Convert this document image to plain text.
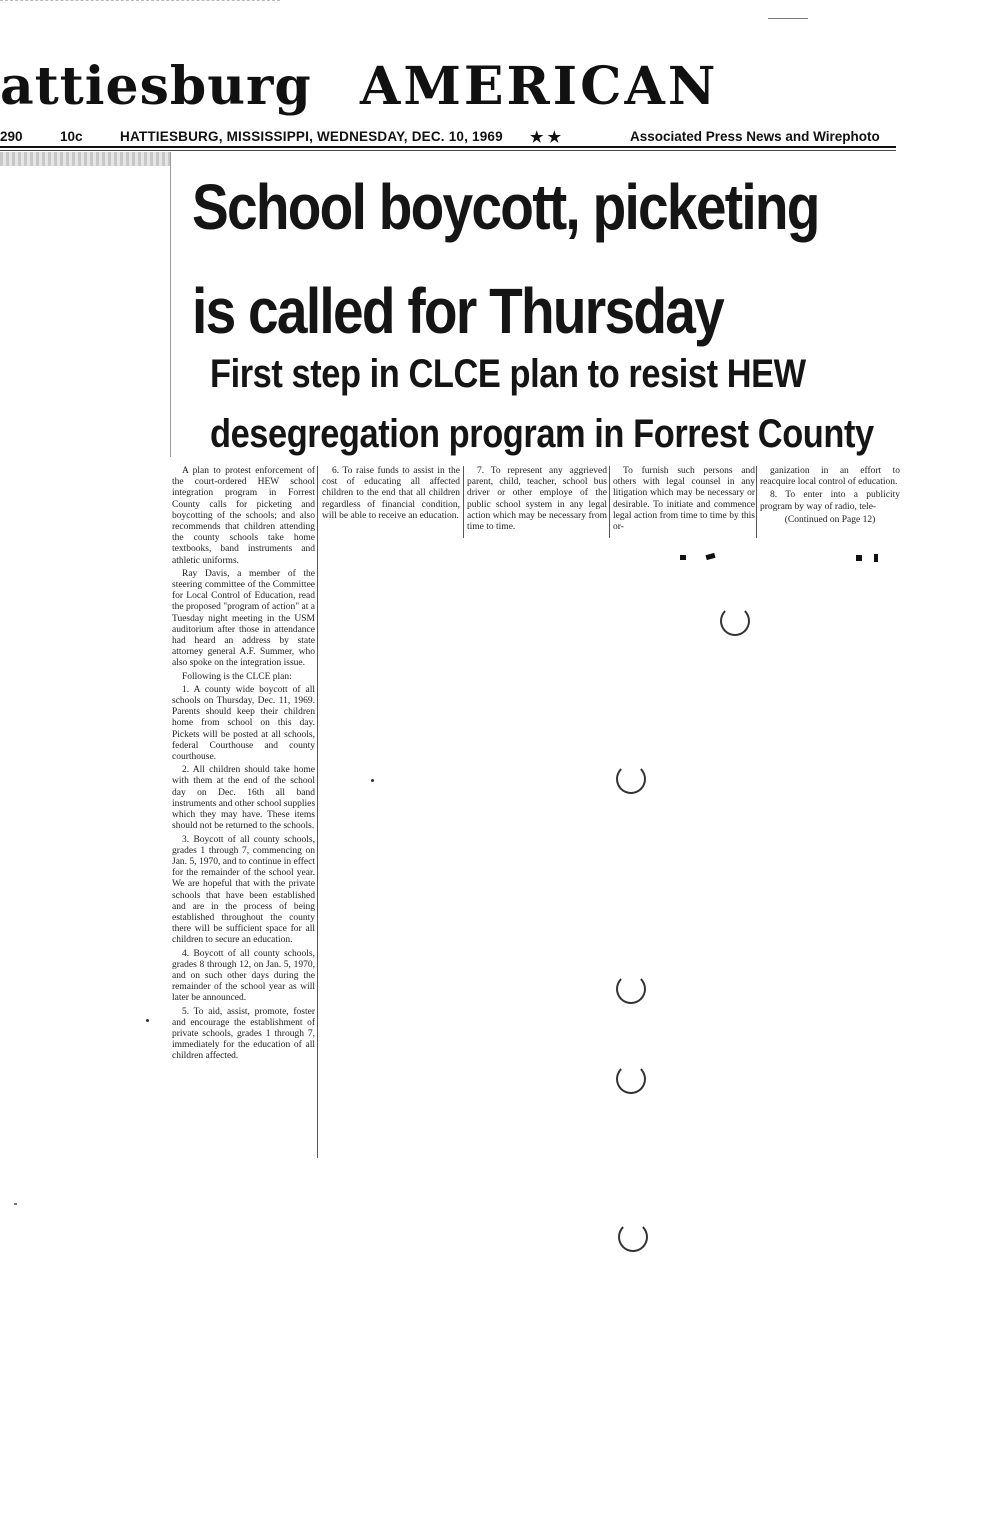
attiesburg AMERICAN
290	10c	HATTIESBURG, MISSISSIPPI, WEDNESDAY, DEC. 10, 1969 ★ ★	Associated Press News and Wirephoto
School boycott, picketing
is called for Thursday
First step in CLCE plan to resist HEW
desegregation program in Forrest County

A plan to protest enforcement of the court-ordered HEW school integration program in Forrest County calls for picketing and boycotting of the schools; and also recommends that children attending the county schools take home textbooks, band instruments and athletic uniforms.

Ray Davis, a member of the steering committee of the Committee for Local Control of Education, read the proposed "program of action" at a Tuesday night meeting in the USM auditorium after those in attendance had heard an address by state attorney general A.F. Summer, who also spoke on the integration issue.

Following is the CLCE plan:

1. A county wide boycott of all schools on Thursday, Dec. 11, 1969. Parents should keep their children home from school on this day. Pickets will be posted at all schools, federal Courthouse and county courthouse.

2. All children should take home with them at the end of the school day on Dec. 16th all band instruments and other school supplies which they may have. These items should not be returned to the schools.

3. Boycott of all county schools, grades 1 through 7, commencing on Jan. 5, 1970, and to continue in effect for the remainder of the school year. We are hopeful that with the private schools that have been established and are in the process of being established throughout the county there will be sufficient space for all children to secure an education.

4. Boycott of all county schools, grades 8 through 12, on Jan. 5, 1970, and on such other days during the remainder of the school year as will later be announced.

5. To aid, assist, promote, foster and encourage the establishment of private schools, grades 1 through 7, immediately for the education of all children affected.

6. To raise funds to assist in the cost of educating all affected children to the end that all children regardless of financial condition, will be able to receive an education.

7. To represent any aggrieved parent, child, teacher, school bus driver or other employe of the public school system in any legal action which may be necessary from time to time.

To furnish such persons and others with legal counsel in any litigation which may be necessary or desirable. To initiate and commence legal action from time to time by this or-

ganization in an effort to reacquire local control of education.

8. To enter into a publicity program by way of radio, tele-

(Continued on Page 12)
